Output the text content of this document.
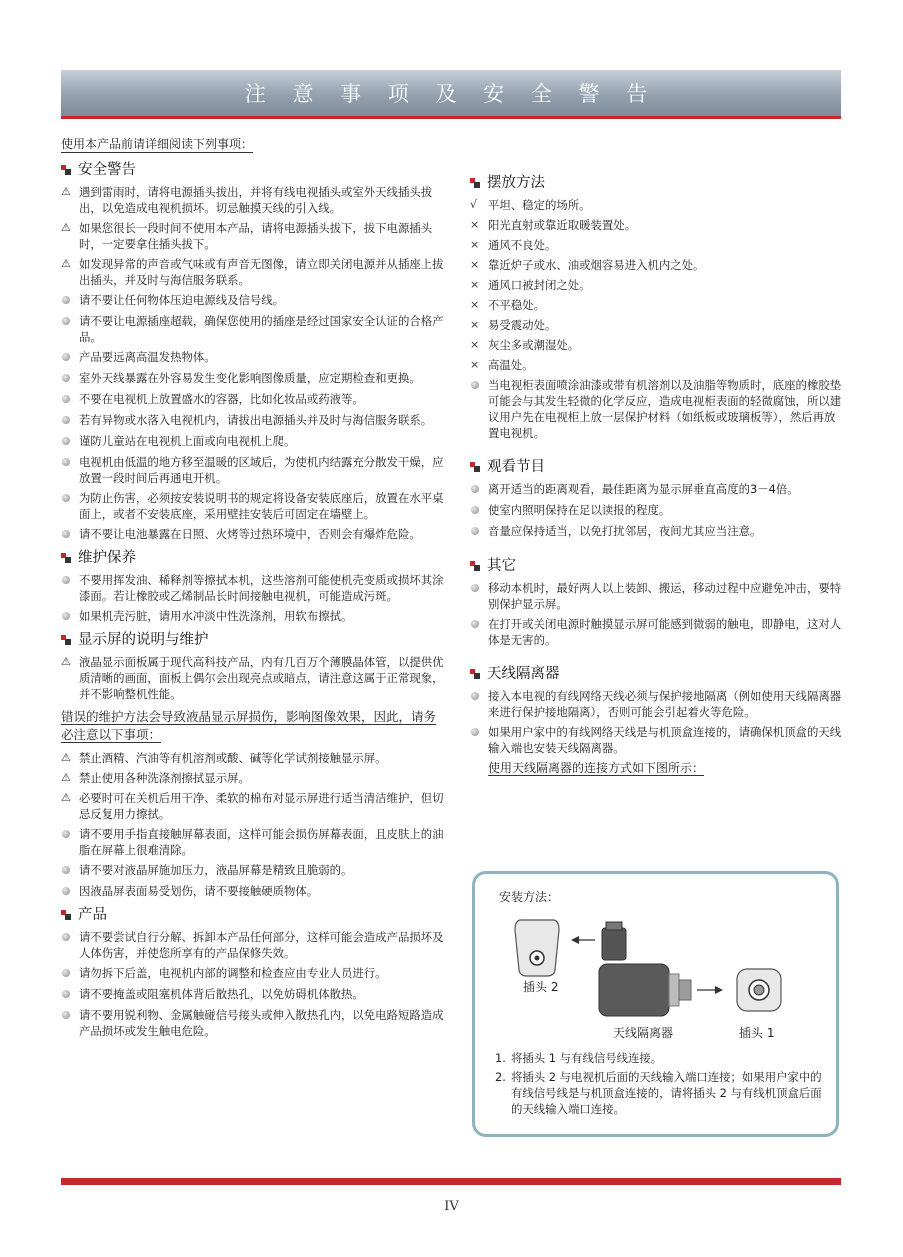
注 意 事 项 及 安 全 警 告
使用本产品前请详细阅读下列事项：
安全警告
⚠ 遇到雷雨时，请将电源插头拔出，并将有线电视插头或室外天线插头拔出，以免造成电视机损坏。切忌触摸天线的引入线。
⚠ 如果您很长一段时间不使用本产品，请将电源插头拔下，拔下电源插头时，一定要拿住插头拔下。
⚠ 如发现异常的声音或气味或有声音无图像，请立即关闭电源并从插座上拔出插头，并及时与海信服务联系。
请不要让任何物体压迫电源线及信号线。
请不要让电源插座超载，确保您使用的插座是经过国家安全认证的合格产品。
产品要远离高温发热物体。
室外天线暴露在外容易发生变化影响图像质量，应定期检查和更换。
不要在电视机上放置盛水的容器，比如化妆品或药液等。
若有异物或水落入电视机内，请拔出电源插头并及时与海信服务联系。
谨防儿童站在电视机上面或向电视机上爬。
电视机由低温的地方移至温暖的区域后，为使机内结露充分散发干燥，应放置一段时间后再通电开机。
为防止伤害，必须按安装说明书的规定将设备安装底座后，放置在水平桌面上，或者不安装底座，采用壁挂安装后可固定在墙壁上。
请不要让电池暴露在日照、火烤等过热环境中，否则会有爆炸危险。
维护保养
不要用挥发油、稀释剂等擦拭本机，这些溶剂可能使机壳变质或损坏其涂漆面。若让橡胶或乙烯制品长时间接触电视机，可能造成污斑。
如果机壳污脏，请用水冲淡中性洗涤剂，用软布擦拭。
显示屏的说明与维护
⚠ 液晶显示面板属于现代高科技产品，内有几百万个薄膜晶体管，以提供优质清晰的画面，面板上偶尔会出现亮点或暗点，请注意这属于正常现象，并不影响整机性能。
错误的维护方法会导致液晶显示屏损伤，影响图像效果，因此，请务必注意以下事项：
⚠ 禁止酒精、汽油等有机溶剂或酸、碱等化学试剂接触显示屏。
⚠ 禁止使用各种洗涤剂擦拭显示屏。
⚠ 必要时可在关机后用干净、柔软的棉布对显示屏进行适当清洁维护，但切忌反复用力擦拭。
请不要用手指直接触屏幕表面，这样可能会损伤屏幕表面，且皮肤上的油脂在屏幕上很难清除。
请不要对液晶屏施加压力，液晶屏幕是精致且脆弱的。
因液晶屏表面易受划伤，请不要接触硬质物体。
产品
请不要尝试自行分解、拆卸本产品任何部分，这样可能会造成产品损坏及人体伤害，并使您所享有的产品保修失效。
请勿拆下后盖，电视机内部的调整和检查应由专业人员进行。
请不要掩盖或阻塞机体背后散热孔，以免妨碍机体散热。
请不要用锐利物、金属触碰信号接头或伸入散热孔内，以免电路短路造成产品损坏或发生触电危险。
摆放方法
√ 平坦、稳定的场所。
× 阳光直射或靠近取暖装置处。
× 通风不良处。
× 靠近炉子或水、油或烟容易进入机内之处。
× 通风口被封闭之处。
× 不平稳处。
× 易受震动处。
× 灰尘多或潮湿处。
× 高温处。
当电视柜表面喷涂油漆或带有机溶剂以及油脂等物质时，底座的橡胶垫可能会与其发生轻微的化学反应，造成电视柜表面的轻微腐蚀，所以建议用户先在电视柜上放一层保护材料（如纸板或玻璃板等），然后再放置电视机。
观看节目
离开适当的距离观看，最佳距离为显示屏垂直高度的3－4倍。
使室内照明保持在足以读报的程度。
音量应保持适当，以免打扰邻居，夜间尤其应当注意。
其它
移动本机时，最好两人以上装卸、搬运，移动过程中应避免冲击，要特别保护显示屏。
在打开或关闭电源时触摸显示屏可能感到微弱的触电，即静电，这对人体是无害的。
天线隔离器
接入本电视的有线网络天线必须与保护接地隔离（例如使用天线隔离器来进行保护接地隔离），否则可能会引起着火等危险。
如果用户家中的有线网络天线是与机顶盒连接的，请确保机顶盒的天线输入端也安装天线隔离器。
使用天线隔离器的连接方式如下图所示：
安装方法：
插头 2
天线隔离器	插头 1
1. 将插头 1 与有线信号线连接。
2. 将插头 2 与电视机后面的天线输入端口连接；如果用户家中的有线信号线是与机顶盒连接的，请将插头 2 与有线机顶盒后面的天线输入端口连接。
IV
